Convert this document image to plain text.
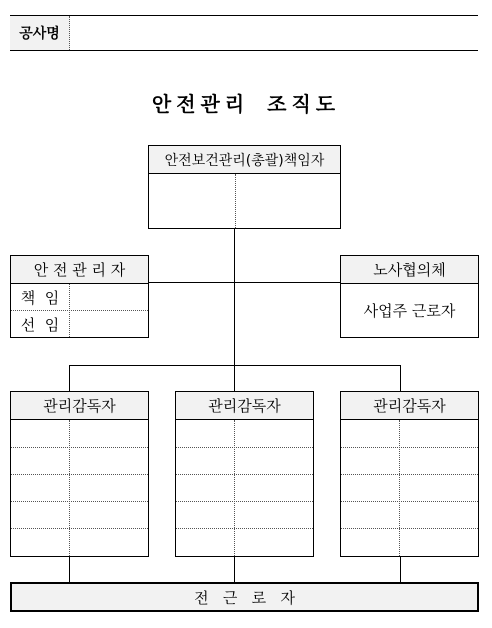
공사명
안전관리 조직도
안전보건관리(총괄)책임자
안 전 관 리 자
책  임
선  임
노사협의체
사업주 근로자
관리감독자	관리감독자	관리감독자
전   근   로   자
